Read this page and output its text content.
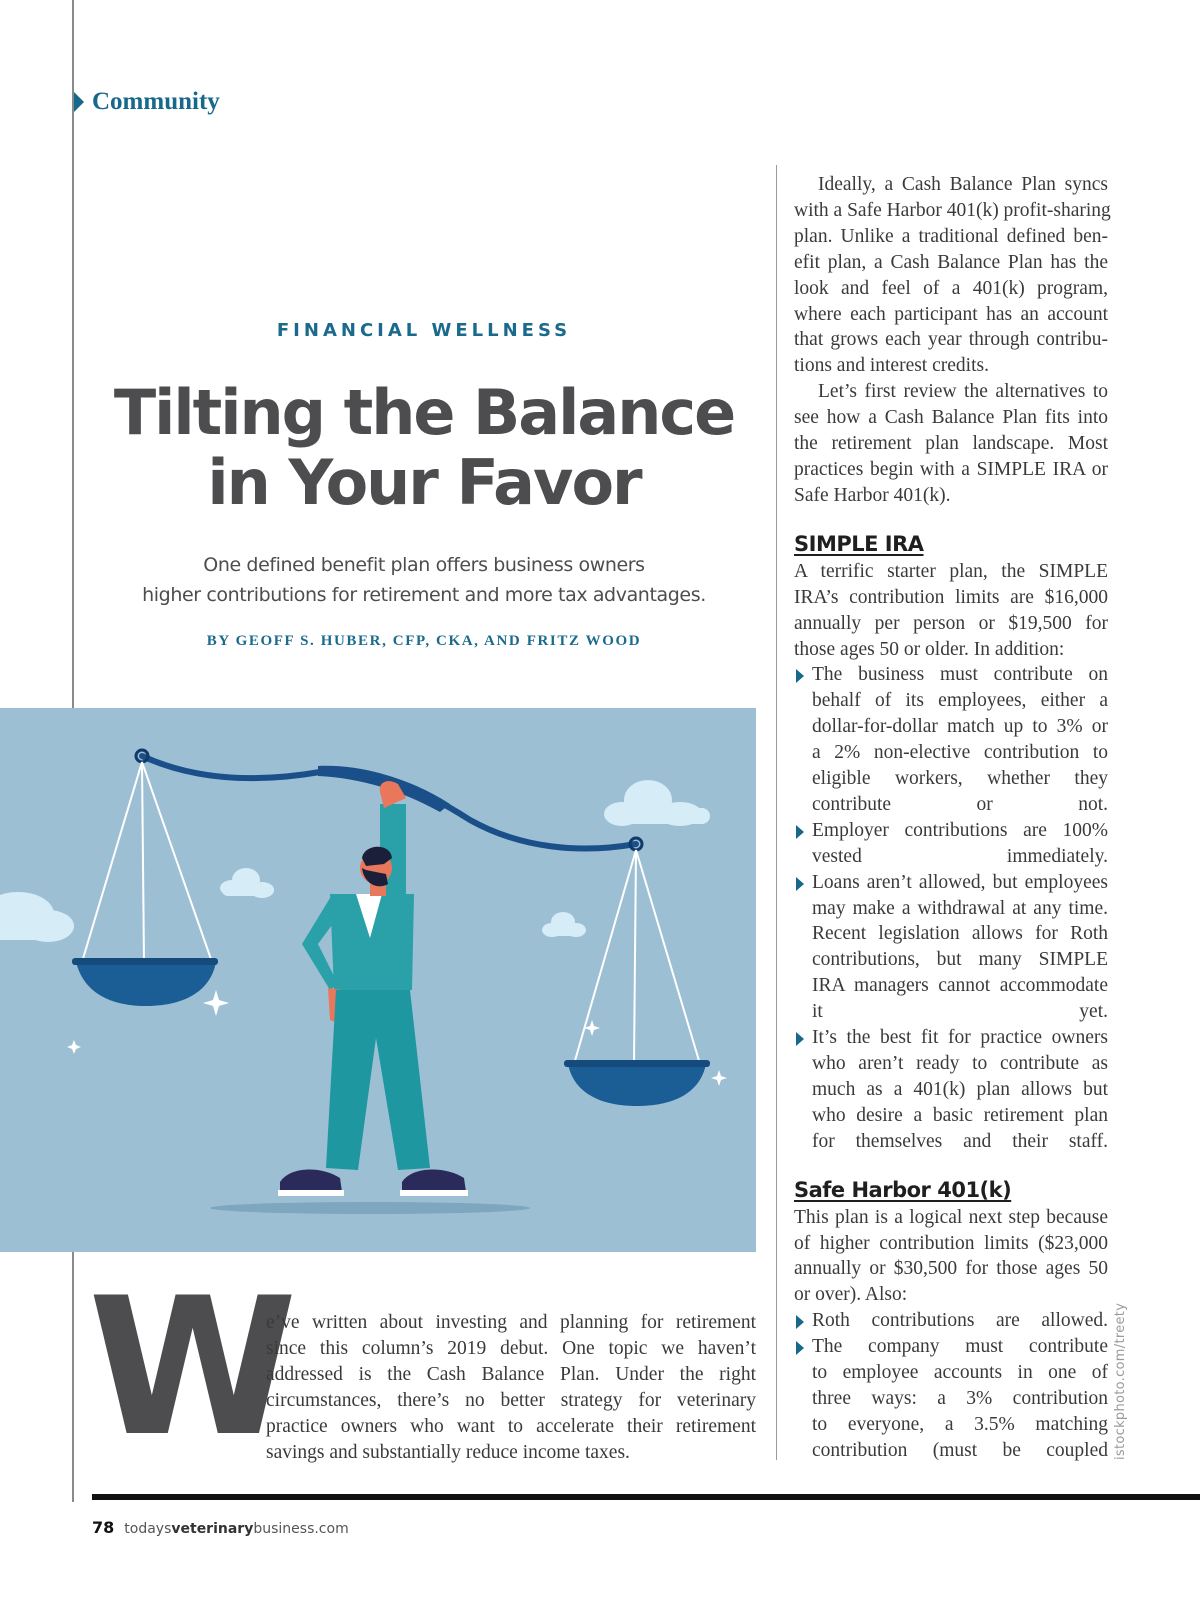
Community
FINANCIAL WELLNESS
Tilting the Balance
in Your Favor
One defined benefit plan offers business owners
higher contributions for retirement and more tax advantages.
BY GEOFF S. HUBER, CFP, CKA, AND FRITZ WOOD
W
e’ve written about investing and planning for retirement
since this column’s 2019 debut. One topic we haven’t
addressed is the Cash Balance Plan. Under the right
circumstances, there’s no better strategy for veterinary
practice owners who want to accelerate their retirement
savings and substantially reduce income taxes.

Ideally, a Cash Balance Plan syncs
with a Safe Harbor 401(k) profit-sharing
plan. Unlike a traditional defined ben-
efit plan, a Cash Balance Plan has the
look and feel of a 401(k) program,
where each participant has an account
that grows each year through contribu-
tions and interest credits.

Let’s first review the alternatives to
see how a Cash Balance Plan fits into
the retirement plan landscape. Most
practices begin with a SIMPLE IRA or
Safe Harbor 401(k).

SIMPLE IRA

A terrific starter plan, the SIMPLE
IRA’s contribution limits are $16,000
annually per person or $19,500 for
those ages 50 or older. In addition:

The business must contribute on
behalf of its employees, either a
dollar-for-dollar match up to 3% or
a 2% non-elective contribution to
eligible workers, whether they
contribute or not.
Employer contributions are 100%
vested immediately.
Loans aren’t allowed, but employees
may make a withdrawal at any time.
Recent legislation allows for Roth
contributions, but many SIMPLE
IRA managers cannot accommodate
it yet.
It’s the best fit for practice owners
who aren’t ready to contribute as
much as a 401(k) plan allows but
who desire a basic retirement plan
for themselves and their staff.
Safe Harbor 401(k)

This plan is a logical next step because
of higher contribution limits ($23,000
annually or $30,500 for those ages 50
or over). Also:

Roth contributions are allowed.
The company must contribute
to employee accounts in one of
three ways: a 3% contribution
to everyone, a 3.5% matching
contribution (must be coupled istockphoto.com/treety
78 todaysveterinarybusiness.com
